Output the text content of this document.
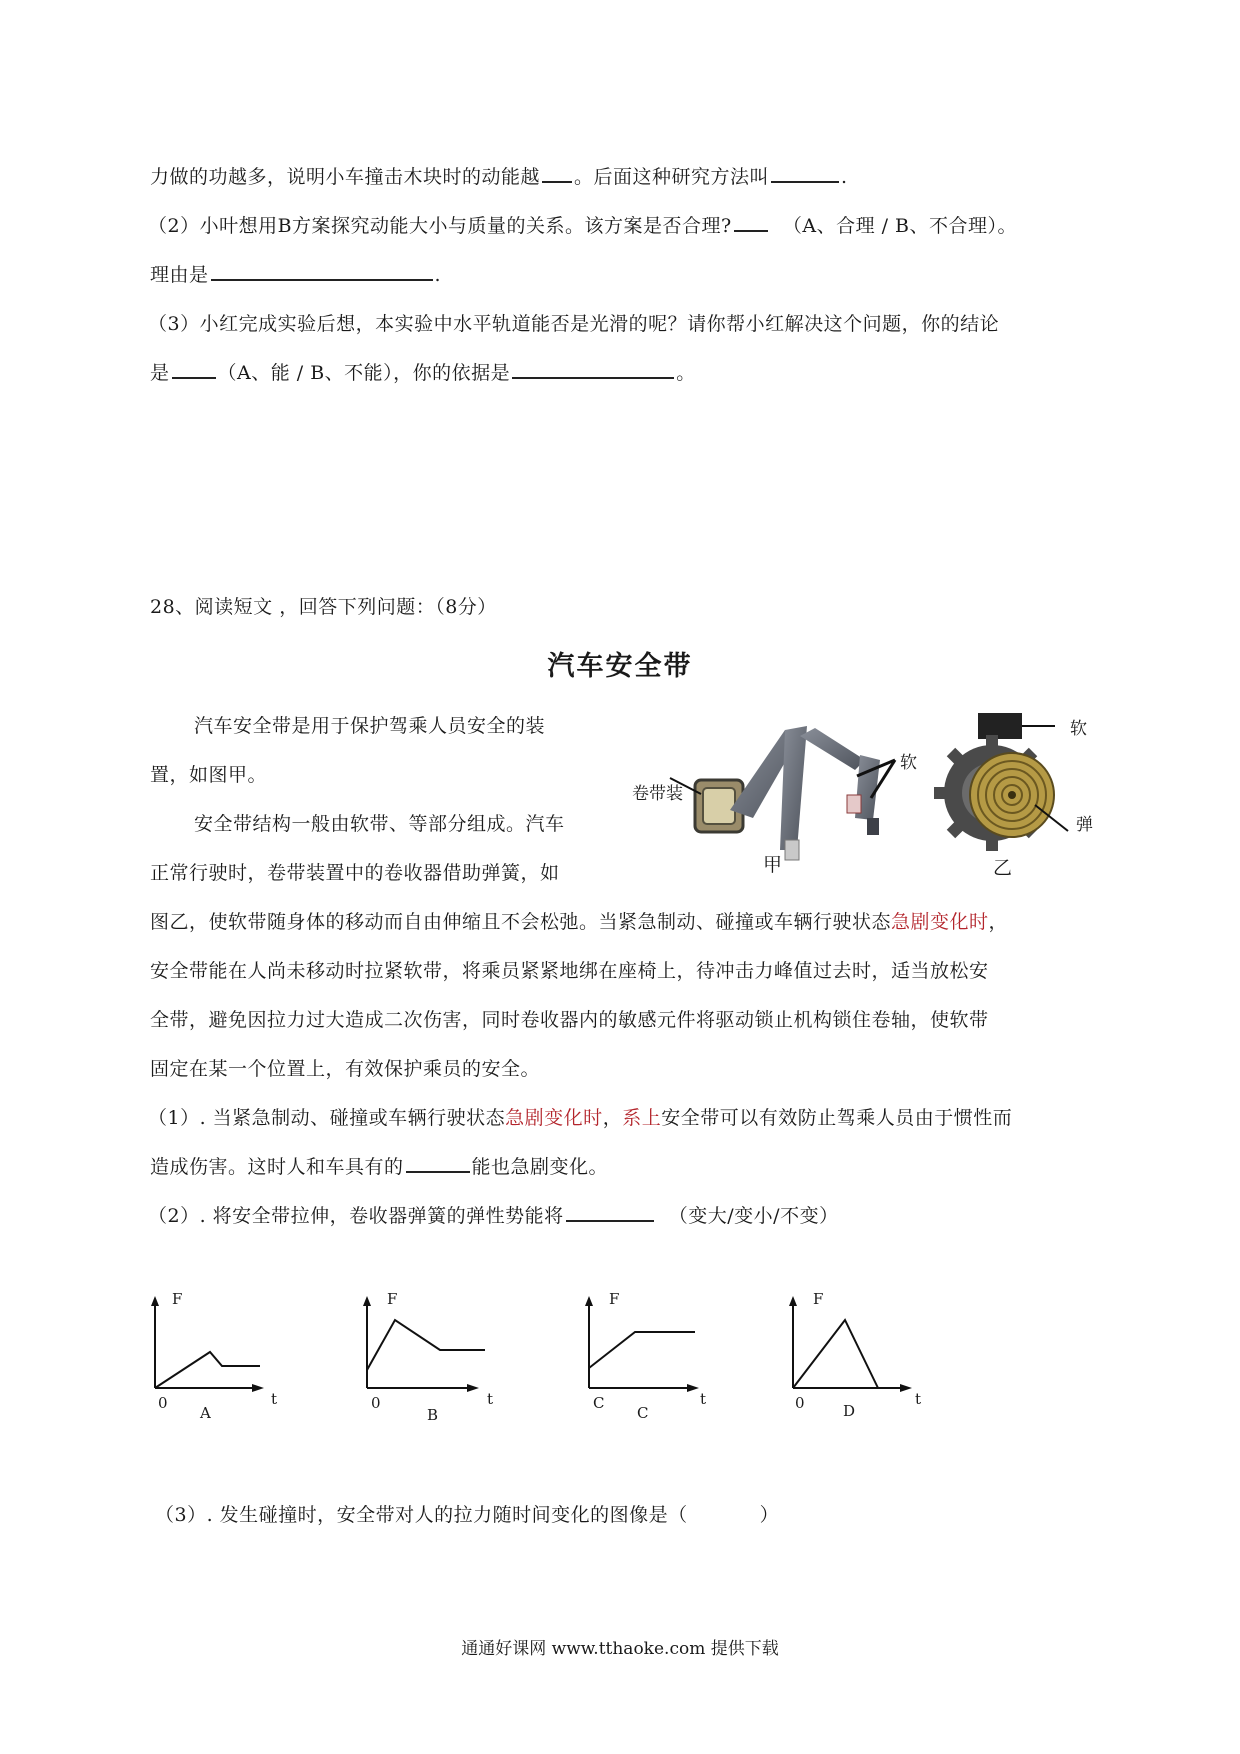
力做的功越多，说明小车撞击木块时的动能越 。后面这种研究方法叫	.
（2）小叶想用B方案探究动能大小与质量的关系。该方案是否合理?	（A、合理 / B、不合理）。
理由是	.
（3）小红完成实验后想，本实验中水平轨道能否是光滑的呢？请你帮小红解决这个问题，你的结论
是	（A、能 / B、不能），你的依据是	。
28、阅读短文 ，回答下列问题：（8分）
汽车安全带
汽车安全带是用于保护驾乘人员安全的装
置，如图甲。
安全带结构一般由软带、等部分组成。汽车
正常行驶时，卷带装置中的卷收器借助弹簧，如
图乙，使软带随身体的移动而自由伸缩且不会松弛。当紧急制动、碰撞或车辆行驶状态急剧变化时，
安全带能在人尚未移动时拉紧软带，将乘员紧紧地绑在座椅上，待冲击力峰值过去时，适当放松安
全带，避免因拉力过大造成二次伤害，同时卷收器内的敏感元件将驱动锁止机构锁住卷轴，使软带
固定在某一个位置上，有效保护乘员的安全。
（1）. 当紧急制动、碰撞或车辆行驶状态急剧变化时，系上安全带可以有效防止驾乘人员由于惯性而
造成伤害。这时人和车具有的	能也急剧变化。
（2）. 将安全带拉伸，卷收器弹簧的弹性势能将	（变大/变小/不变）
卷带装
软
甲
软
弹
乙
F
t
0
A
F
t
0
B
F
t
C
C
F
t
0	D
（3）. 发生碰撞时，安全带对人的拉力随时间变化的图像是（	）
通通好课网 www.tthaoke.com 提供下载
